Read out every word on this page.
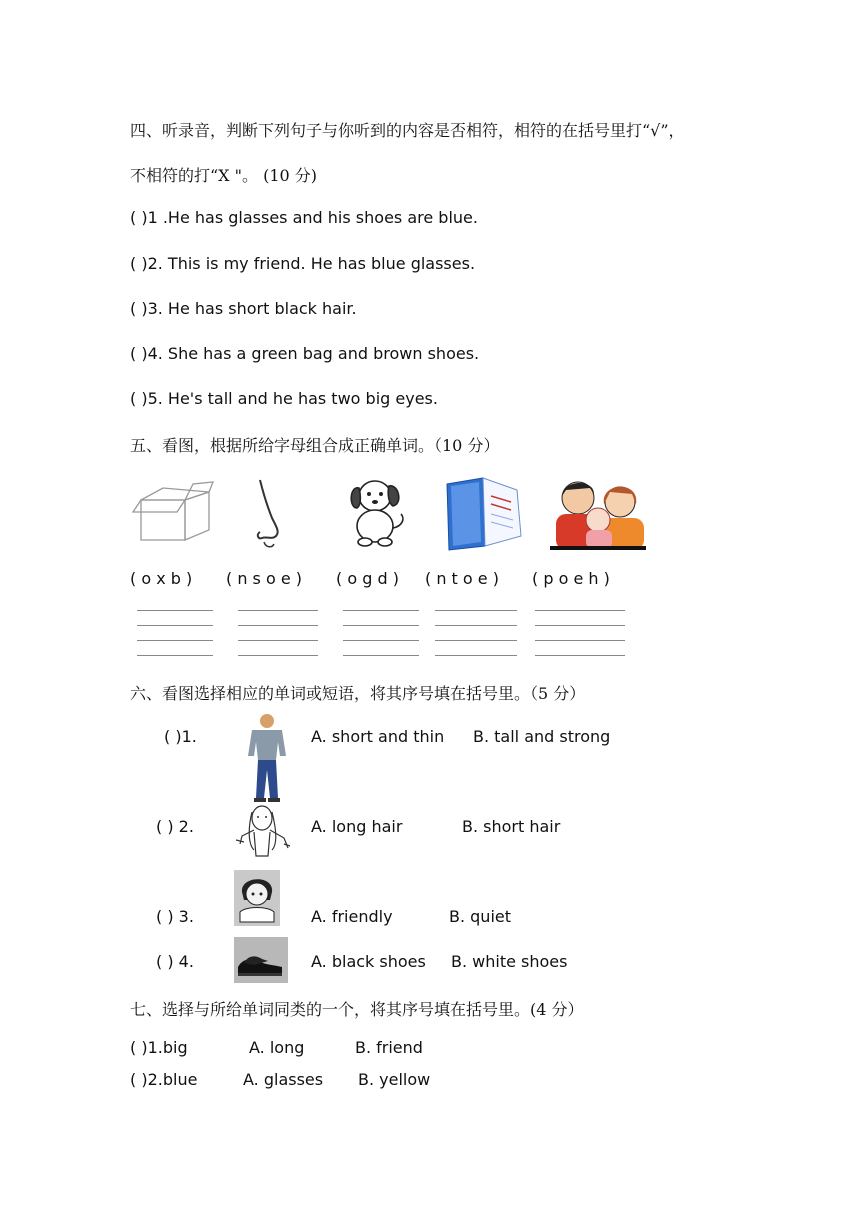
四、听录音，判断下列句子与你听到的内容是否相符，相符的在括号里打“√”，
不相符的打“X "。 (10 分)
( )1 .He has glasses and his shoes are blue.
( )2. This is my friend. He has blue glasses.
( )3. He has short black hair.
( )4. She has a green bag and brown shoes.
( )5. He's tall and he has two big eyes.
五、看图，根据所给字母组合成正确单词。（10 分）
( o x b ) ( n s o e ) ( o g d ) ( n t o e ) ( p o e h )
六、看图选择相应的单词或短语，将其序号填在括号里。（5 分）
( )1.	A. short and thin B. tall and strong
( ) 2.	A. long hair	B. short hair
( ) 3.	A. friendly	B. quiet
( ) 4.	A. black shoes B. white shoes
七、选择与所给单词同类的一个，将其序号填在括号里。(4 分）
( )1.big	A. long	B. friend
( )2.blue	A. glasses B. yellow
